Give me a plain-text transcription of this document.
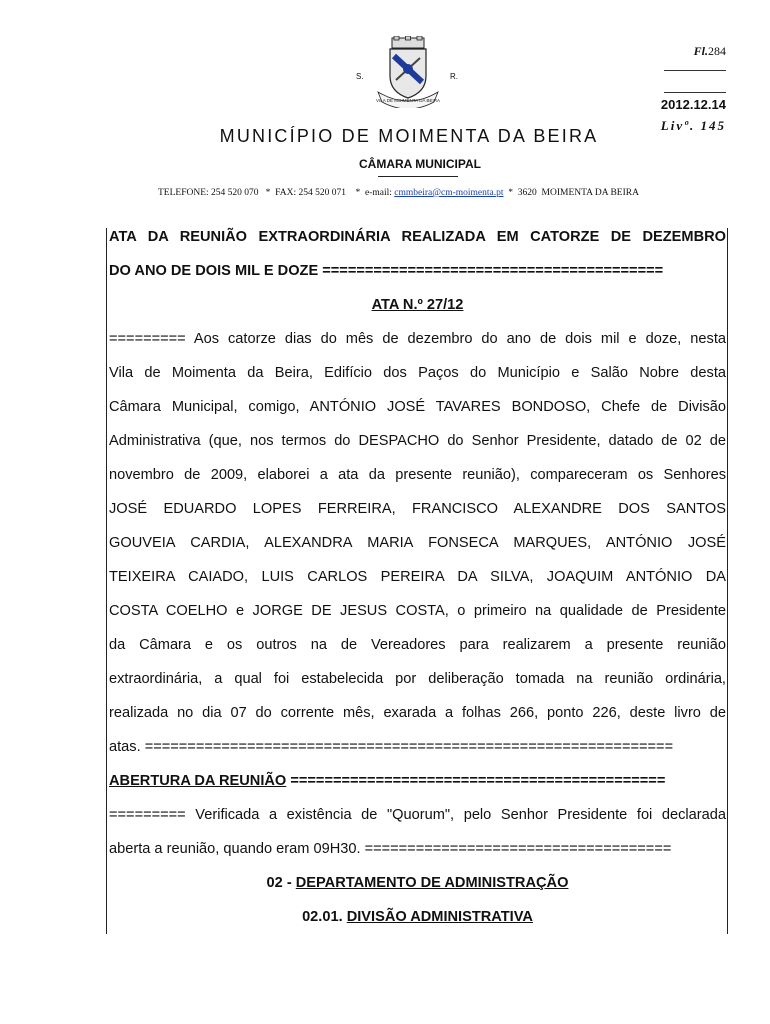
VILA DE MOIMENTA DA BEIRA
S.	R.
Fl.284
2012.12.14
Livº. 145
MUNICÍPIO DE MOIMENTA DA BEIRA
CÂMARA MUNICIPAL
TELEFONE: 254 520 070   *  FAX: 254 520 071    *  e-mail: cmmbeira@cm-moimenta.pt  *  3620  MOIMENTA DA BEIRA
ATA DA REUNIÃO EXTRAORDINÁRIA REALIZADA EM CATORZE DE DEZEMBRO
DO ANO DE DOIS MIL E DOZE ========================================
ATA N.º 27/12
========= Aos catorze dias do mês de dezembro do ano de dois mil e doze, nesta
Vila de Moimenta da Beira, Edifício dos Paços do Município e Salão Nobre desta
Câmara Municipal, comigo, ANTÓNIO JOSÉ TAVARES BONDOSO, Chefe de Divisão
Administrativa (que, nos termos do DESPACHO do Senhor Presidente, datado de 02 de
novembro de 2009, elaborei a ata da presente reunião), compareceram os Senhores
JOSÉ EDUARDO LOPES FERREIRA, FRANCISCO ALEXANDRE DOS SANTOS
GOUVEIA CARDIA, ALEXANDRA MARIA FONSECA MARQUES, ANTÓNIO JOSÉ
TEIXEIRA CAIADO, LUIS CARLOS PEREIRA DA SILVA, JOAQUIM ANTÓNIO DA
COSTA COELHO e JORGE DE JESUS COSTA, o primeiro na qualidade de Presidente
da Câmara e os outros na de Vereadores para realizarem a presente reunião
extraordinária, a qual foi estabelecida por deliberação tomada na reunião ordinária,
realizada no dia 07 do corrente mês, exarada a folhas 266, ponto 226, deste livro de
atas. ==============================================================
ABERTURA DA REUNIÃO ============================================
========= Verificada a existência de "Quorum", pelo Senhor Presidente foi declarada
aberta a reunião, quando eram 09H30. ====================================
02 - DEPARTAMENTO DE ADMINISTRAÇÃO
02.01. DIVISÃO ADMINISTRATIVA
